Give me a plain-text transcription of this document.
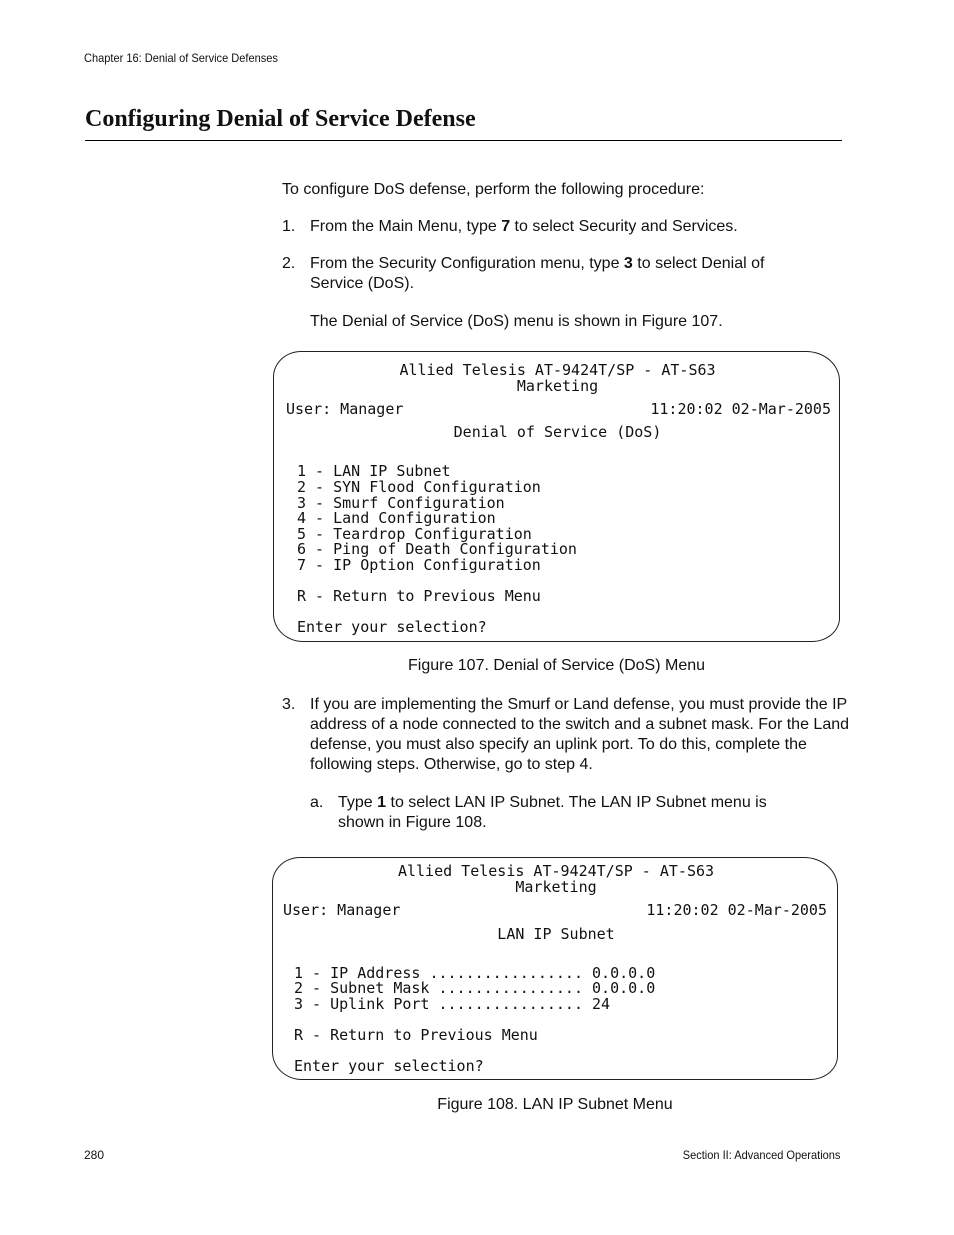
Chapter 16: Denial of Service Defenses
Configuring Denial of Service Defense
To configure DoS defense, perform the following procedure:
1. From the Main Menu, type 7 to select Security and Services.
2. From the Security Configuration menu, type 3 to select Denial of Service (DoS).
The Denial of Service (DoS) menu is shown in Figure 107.
Allied Telesis AT-9424T/SP - AT-S63
Marketing
User: Manager	11:20:02 02-Mar-2005
Denial of Service (DoS)
1 - LAN IP Subnet
2 - SYN Flood Configuration
3 - Smurf Configuration
4 - Land Configuration
5 - Teardrop Configuration
6 - Ping of Death Configuration
7 - IP Option Configuration
R - Return to Previous Menu
Enter your selection?
Figure 107. Denial of Service (DoS) Menu
3. If you are implementing the Smurf or Land defense, you must provide the IP address of a node connected to the switch and a subnet mask. For the Land defense, you must also specify an uplink port. To do this, complete the following steps. Otherwise, go to step 4.
a. Type 1 to select LAN IP Subnet. The LAN IP Subnet menu is shown in Figure 108.
Allied Telesis AT-9424T/SP - AT-S63
Marketing
User: Manager	11:20:02 02-Mar-2005
LAN IP Subnet
1 - IP Address ................. 0.0.0.0
2 - Subnet Mask ................ 0.0.0.0
3 - Uplink Port ................ 24
R - Return to Previous Menu
Enter your selection?
Figure 108. LAN IP Subnet Menu
280	Section II: Advanced Operations
